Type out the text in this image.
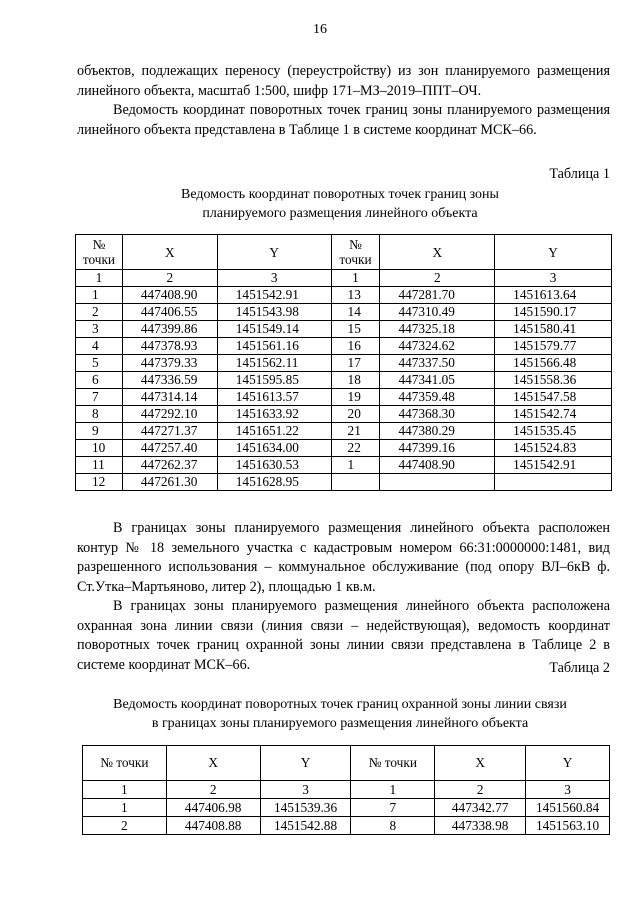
16

объектов, подлежащих переносу (переустройству) из зон планируемого размещения линейного объекта, масштаб 1:500, шифр 171–МЗ–2019–ППТ–ОЧ.

Ведомость координат поворотных точек границ зоны планируемого размещения линейного объекта представлена в Таблице 1 в системе координат МСК–66.

Таблица 1
Ведомость координат поворотных точек границ зоны
планируемого размещения линейного объекта
№ точки	X	Y	№ точки	X	Y
1	2	3	1	2	3
1	447408.90	1451542.91	13	447281.70	1451613.64
2	447406.55	1451543.98	14	447310.49	1451590.17
3	447399.86	1451549.14	15	447325.18	1451580.41
4	447378.93	1451561.16	16	447324.62	1451579.77
5	447379.33	1451562.11	17	447337.50	1451566.48
6	447336.59	1451595.85	18	447341.05	1451558.36
7	447314.14	1451613.57	19	447359.48	1451547.58
8	447292.10	1451633.92	20	447368.30	1451542.74
9	447271.37	1451651.22	21	447380.29	1451535.45
10	447257.40	1451634.00	22	447399.16	1451524.83
11	447262.37	1451630.53	1	447408.90	1451542.91
12	447261.30	1451628.95			

В границах зоны планируемого размещения линейного объекта расположен контур № 18 земельного участка с кадастровым номером 66:31:0000000:1481, вид разрешенного использования – коммунальное обслуживание (под опору ВЛ–6кВ ф. Ст.Утка–Мартьяново, литер 2), площадью 1 кв.м.

В границах зоны планируемого размещения линейного объекта расположена охранная зона линии связи (линия связи – недействующая), ведомость координат поворотных точек границ охранной зоны линии связи представлена в Таблице 2 в системе координат МСК–66.	Таблица 2
Ведомость координат поворотных точек границ охранной зоны линии связи
в границах зоны планируемого размещения линейного объекта
№ точки	X	Y	№ точки	X	Y
1	2	3	1	2	3
1	447406.98	1451539.36	7	447342.77	1451560.84
2	447408.88	1451542.88	8	447338.98	1451563.10
